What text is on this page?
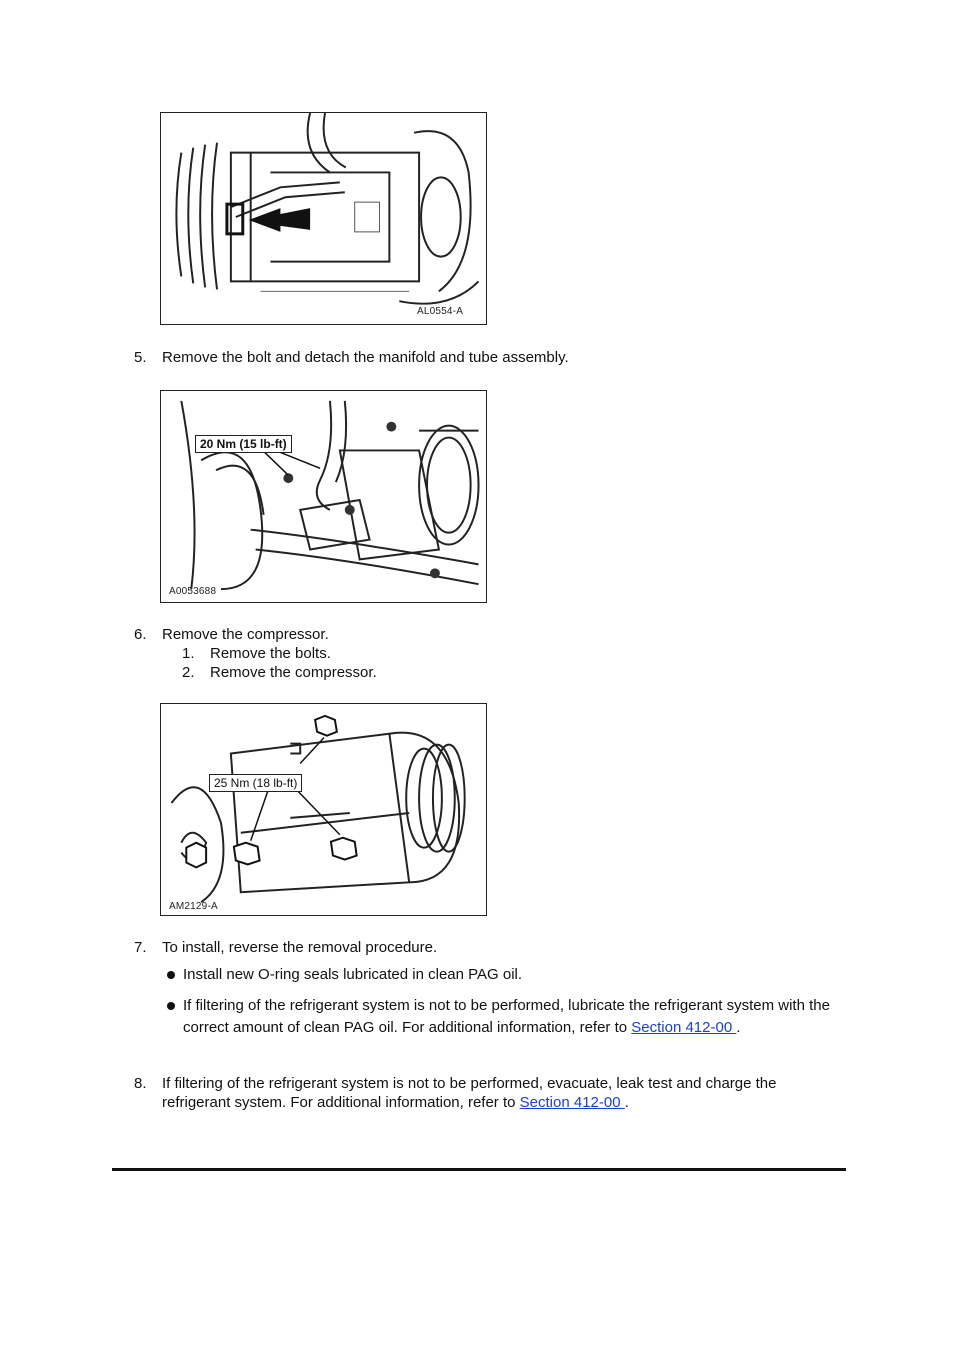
AL0554-A
5.	Remove the bolt and detach the manifold and tube assembly.
20 Nm (15 lb-ft)
A0053688
6.	Remove the compressor.
1. Remove the bolts.
2. Remove the compressor.
25 Nm (18 lb-ft)
AM2129-A
7.	To install, reverse the removal procedure.
Install new O-ring seals lubricated in clean PAG oil.
If filtering of the refrigerant system is not to be performed, lubricate the refrigerant system with the correct amount of clean PAG oil. For additional information, refer to Section 412-00 .
8.	If filtering of the refrigerant system is not to be performed, evacuate, leak test and charge the
refrigerant system. For additional information, refer to Section 412-00 .
